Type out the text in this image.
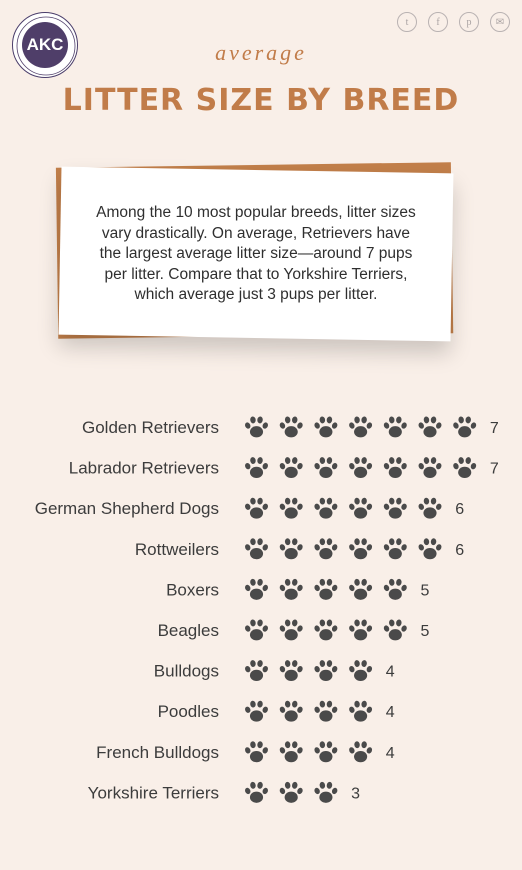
AKC
t	f	p	✉
average
LITTER SIZE BY BREED

Among the 10 most popular breeds, litter sizes vary drastically. On average, Retrievers have the largest average litter size—around 7 pups per litter. Compare that to Yorkshire Terriers, which average just 3 pups per litter.

Golden Retrievers	7
Labrador Retrievers	7
German Shepherd Dogs	6
Rottweilers	6
Boxers	5
Beagles	5
Bulldogs	4
Poodles	4
French Bulldogs	4
Yorkshire Terriers	3
